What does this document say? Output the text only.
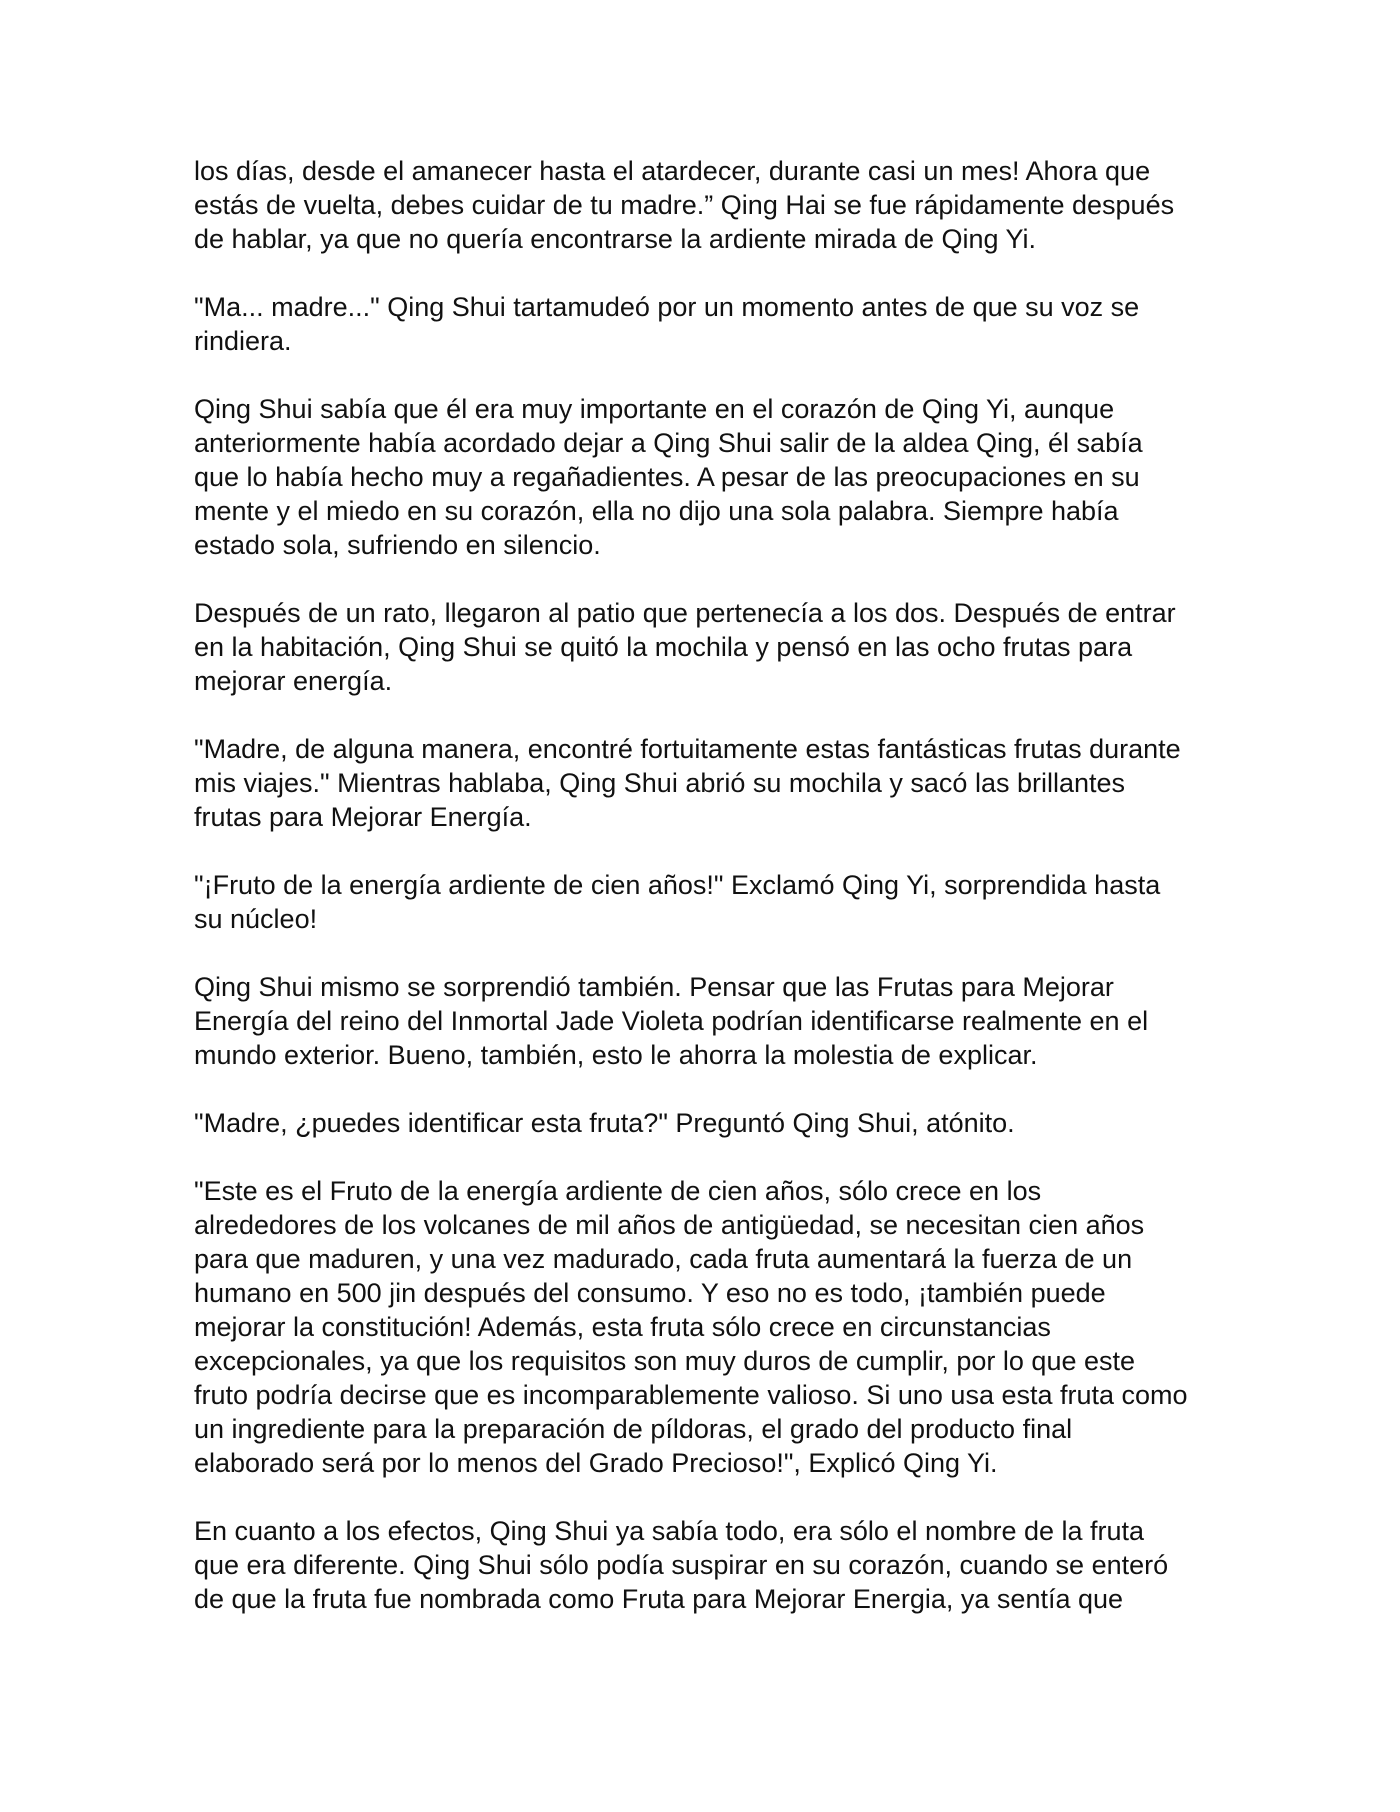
los días, desde el amanecer hasta el atardecer, durante casi un mes! Ahora que
estás de vuelta, debes cuidar de tu madre.” Qing Hai se fue rápidamente después
de hablar, ya que no quería encontrarse la ardiente mirada de Qing Yi.

"Ma... madre..." Qing Shui tartamudeó por un momento antes de que su voz se
rindiera.

Qing Shui sabía que él era muy importante en el corazón de Qing Yi, aunque
anteriormente había acordado dejar a Qing Shui salir de la aldea Qing, él sabía
que lo había hecho muy a regañadientes. A pesar de las preocupaciones en su
mente y el miedo en su corazón, ella no dijo una sola palabra. Siempre había
estado sola, sufriendo en silencio.

Después de un rato, llegaron al patio que pertenecía a los dos. Después de entrar
en la habitación, Qing Shui se quitó la mochila y pensó en las ocho frutas para
mejorar energía.

"Madre, de alguna manera, encontré fortuitamente estas fantásticas frutas durante
mis viajes." Mientras hablaba, Qing Shui abrió su mochila y sacó las brillantes
frutas para Mejorar Energía.

"¡Fruto de la energía ardiente de cien años!" Exclamó Qing Yi, sorprendida hasta
su núcleo!

Qing Shui mismo se sorprendió también. Pensar que las Frutas para Mejorar
Energía del reino del Inmortal Jade Violeta podrían identificarse realmente en el
mundo exterior. Bueno, también, esto le ahorra la molestia de explicar.

"Madre, ¿puedes identificar esta fruta?" Preguntó Qing Shui, atónito.

"Este es el Fruto de la energía ardiente de cien años, sólo crece en los
alrededores de los volcanes de mil años de antigüedad, se necesitan cien años
para que maduren, y una vez madurado, cada fruta aumentará la fuerza de un
humano en 500 jin después del consumo. Y eso no es todo, ¡también puede
mejorar la constitución! Además, esta fruta sólo crece en circunstancias
excepcionales, ya que los requisitos son muy duros de cumplir, por lo que este
fruto podría decirse que es incomparablemente valioso. Si uno usa esta fruta como
un ingrediente para la preparación de píldoras, el grado del producto final
elaborado será por lo menos del Grado Precioso!", Explicó Qing Yi.

En cuanto a los efectos, Qing Shui ya sabía todo, era sólo el nombre de la fruta
que era diferente. Qing Shui sólo podía suspirar en su corazón, cuando se enteró
de que la fruta fue nombrada como Fruta para Mejorar Energia, ya sentía que
